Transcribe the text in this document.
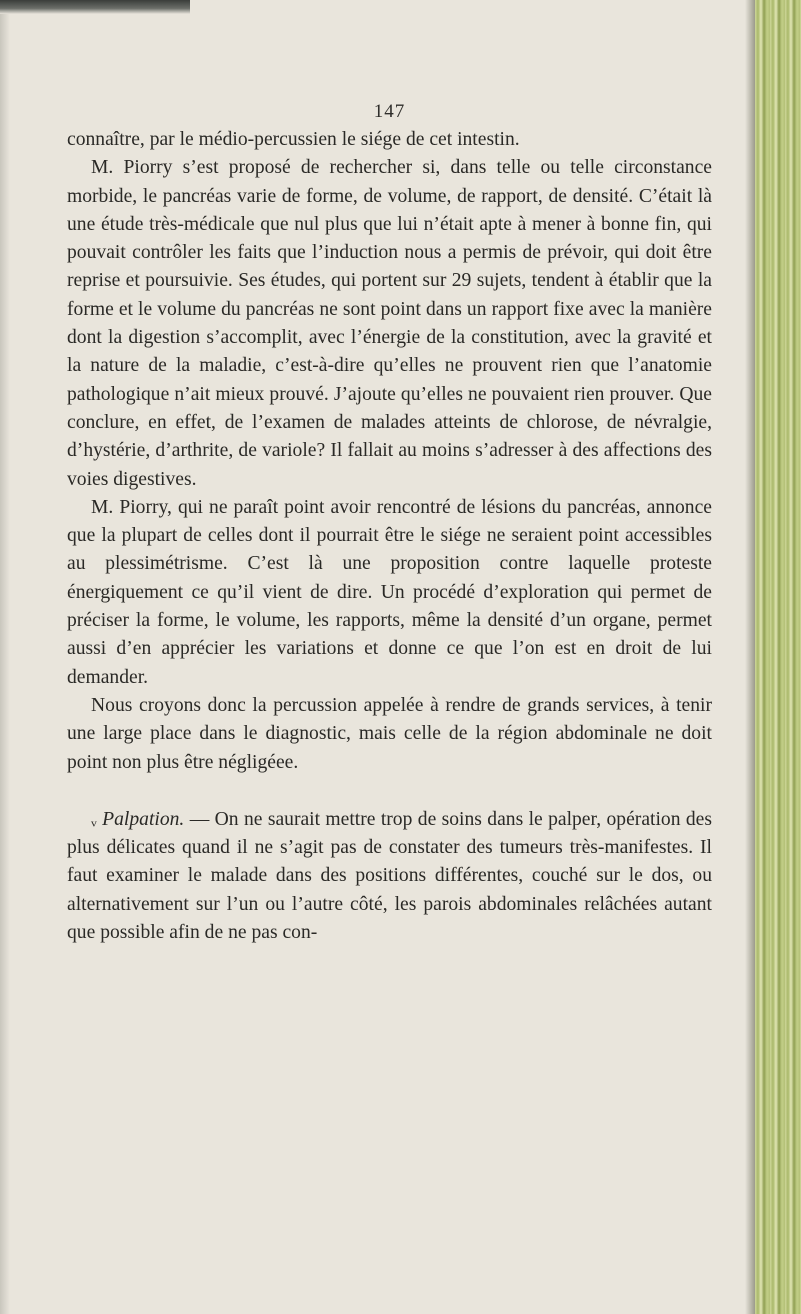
147

connaître, par le médio-percussien le siége de cet intestin.

M. Piorry s’est proposé de rechercher si, dans telle ou telle circonstance morbide, le pancréas varie de forme, de volume, de rapport, de densité. C’était là une étude très-médicale que nul plus que lui n’était apte à mener à bonne fin, qui pouvait contrôler les faits que l’induction nous a permis de prévoir, qui doit être reprise et poursuivie. Ses études, qui portent sur 29 sujets, tendent à établir que la forme et le volume du pancréas ne sont point dans un rapport fixe avec la manière dont la digestion s’accomplit, avec l’énergie de la constitution, avec la gravité et la nature de la maladie, c’est-à-dire qu’elles ne prouvent rien que l’anatomie pathologique n’ait mieux prouvé. J’ajoute qu’elles ne pouvaient rien prouver. Que conclure, en effet, de l’examen de malades atteints de chlorose, de névralgie, d’hystérie, d’arthrite, de variole? Il fallait au moins s’adresser à des affections des voies digestives.

M. Piorry, qui ne paraît point avoir rencontré de lésions du pancréas, annonce que la plupart de celles dont il pourrait être le siége ne seraient point accessibles au plessimétrisme. C’est là une proposition contre laquelle proteste énergiquement ce qu’il vient de dire. Un procédé d’exploration qui permet de préciser la forme, le volume, les rapports, même la densité d’un organe, permet aussi d’en apprécier les variations et donne ce que l’on est en droit de lui demander.

Nous croyons donc la percussion appelée à rendre de grands services, à tenir une large place dans le diagnostic, mais celle de la région abdominale ne doit point non plus être négligéee.

ᵥ Palpation. — On ne saurait mettre trop de soins dans le palper, opération des plus délicates quand il ne s’agit pas de constater des tumeurs très-manifestes. Il faut examiner le malade dans des positions différentes, couché sur le dos, ou alternativement sur l’un ou l’autre côté, les parois abdominales relâchées autant que possible afin de ne pas con-
